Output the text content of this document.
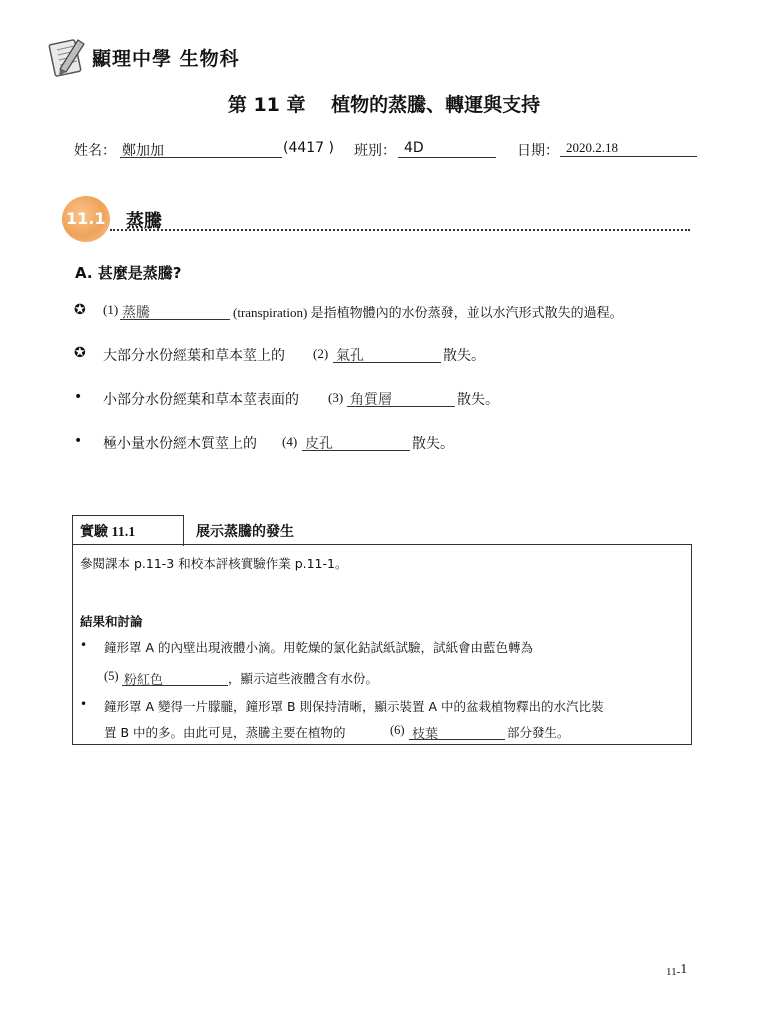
顯理中學 生物科
第 11 章　 植物的蒸騰、轉運與支持
姓名： 鄭加加	(4417 ) 班別： 4D	日期： 2020.2.18
11.1 蒸騰
A. 甚麼是蒸騰?
✪ (1) 蒸騰	(transpiration) 是指植物體內的水份蒸發，並以水汽形式散失的過程。
✪ 大部分水份經葉和草本莖上的 (2) 氣孔	散失。
• 小部分水份經葉和草本莖表面的 (3) 角質層	散失。
• 極小量水份經木質莖上的 (4) 皮孔	散失。
實驗 11.1	展示蒸騰的發生
參閱課本 p.11-3 和校本評核實驗作業 p.11-1。
結果和討論
• 鐘形罩 A 的內壁出現液體小滴。用乾燥的氯化鈷試紙試驗，試紙會由藍色轉為
(5) 粉紅色	，顯示這些液體含有水份。
• 鐘形罩 A 變得一片朦朧，鐘形罩 B 則保持清晰，顯示裝置 A 中的盆栽植物釋出的水汽比裝
置 B 中的多。由此可見，蒸騰主要在植物的	(6) 枝葉	部分發生。
11-1
